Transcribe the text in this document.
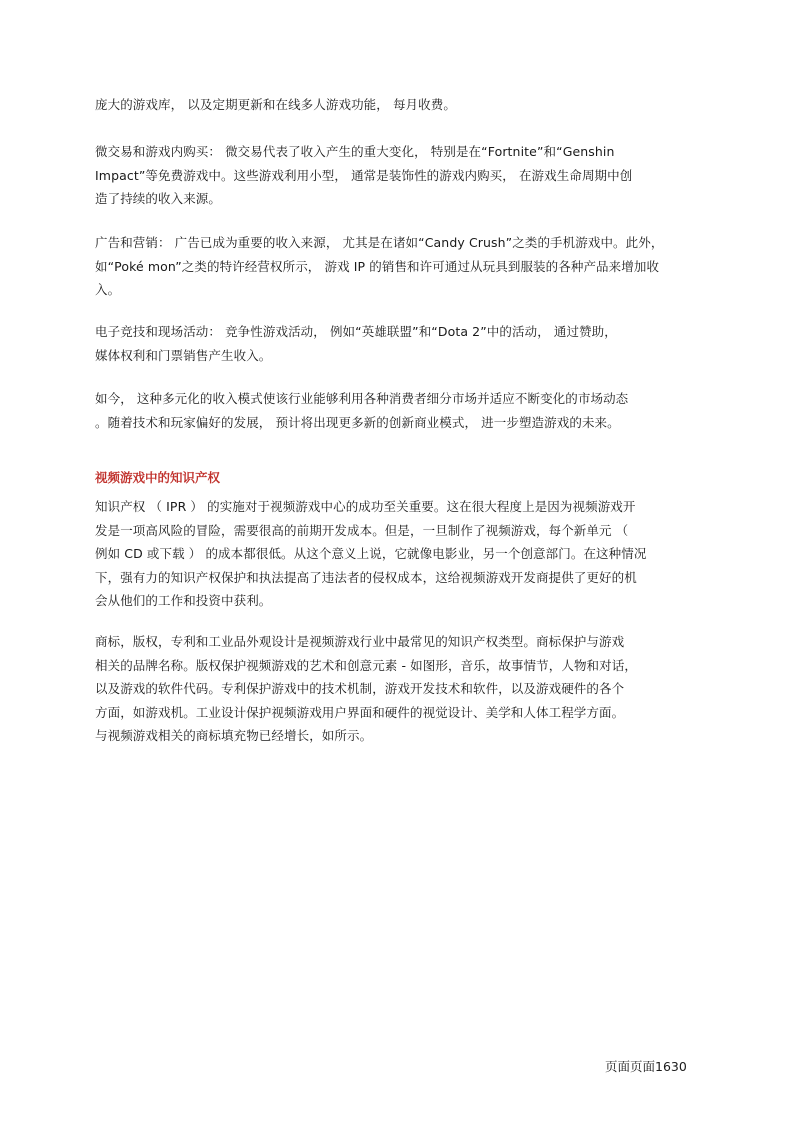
庞大的游戏库， 以及定期更新和在线多人游戏功能， 每月收费。
微交易和游戏内购买： 微交易代表了收入产生的重大变化， 特别是在“Fortnite”和“Genshin
Impact”等免费游戏中。这些游戏利用小型， 通常是装饰性的游戏内购买， 在游戏生命周期中创
造了持续的收入来源。
广告和营销： 广告已成为重要的收入来源， 尤其是在诸如“Candy Crush”之类的手机游戏中。此外，
如“Poké mon”之类的特许经营权所示， 游戏 IP 的销售和许可通过从玩具到服装的各种产品来增加收
入。
电子竞技和现场活动： 竞争性游戏活动， 例如“英雄联盟”和“Dota 2”中的活动， 通过赞助，
媒体权利和门票销售产生收入。
如今， 这种多元化的收入模式使该行业能够利用各种消费者细分市场并适应不断变化的市场动态
。随着技术和玩家偏好的发展， 预计将出现更多新的创新商业模式， 进一步塑造游戏的未来。
视频游戏中的知识产权
知识产权 （ IPR ） 的实施对于视频游戏中心的成功至关重要。这在很大程度上是因为视频游戏开
发是一项高风险的冒险，需要很高的前期开发成本。但是，一旦制作了视频游戏，每个新单元 （
例如 CD 或下载 ） 的成本都很低。从这个意义上说，它就像电影业，另一个创意部门。在这种情况
下，强有力的知识产权保护和执法提高了违法者的侵权成本，这给视频游戏开发商提供了更好的机
会从他们的工作和投资中获利。
商标，版权，专利和工业品外观设计是视频游戏行业中最常见的知识产权类型。商标保护与游戏
相关的品牌名称。版权保护视频游戏的艺术和创意元素 - 如图形，音乐，故事情节，人物和对话，
以及游戏的软件代码。专利保护游戏中的技术机制，游戏开发技术和软件，以及游戏硬件的各个
方面，如游戏机。工业设计保护视频游戏用户界面和硬件的视觉设计、美学和人体工程学方面。
与视频游戏相关的商标填充物已经增长，如所示。
页面页面1630
